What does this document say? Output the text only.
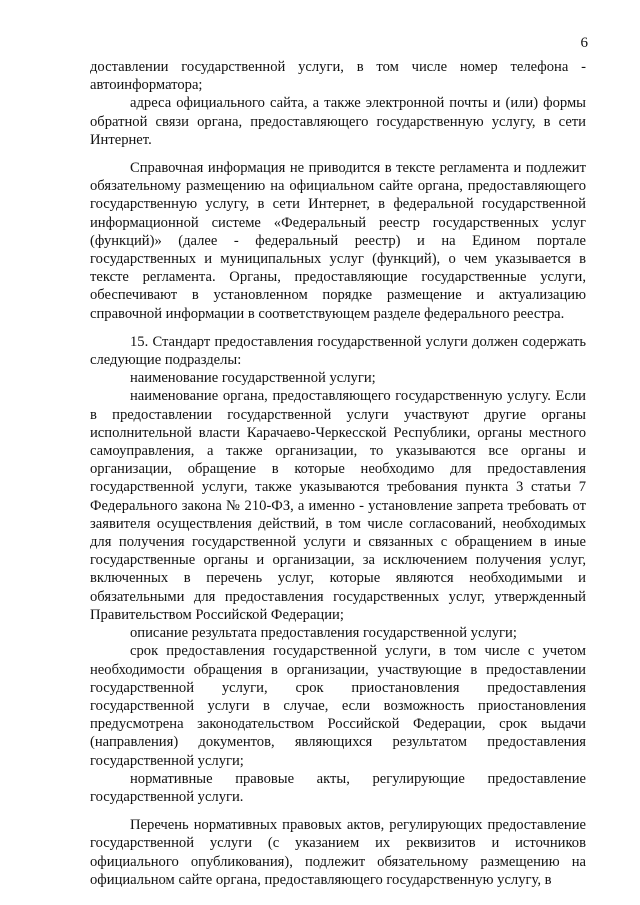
6

доставлении государственной услуги, в том числе номер телефона - автоинформатора;

адреса официального сайта, а также электронной почты и (или) формы обратной связи органа, предоставляющего государственную услугу, в сети Интернет.

Справочная информация не приводится в тексте регламента и подлежит обязательному размещению на официальном сайте органа, предоставляющего государственную услугу, в сети Интернет, в федеральной государственной информационной системе «Федеральный реестр государственных услуг (функций)» (далее - федеральный реестр) и на Едином портале государственных и муниципальных услуг (функций), о чем указывается в тексте регламента. Органы, предоставляющие государственные услуги, обеспечивают в установленном порядке размещение и актуализацию справочной информации в соответствующем разделе федерального реестра.

15. Стандарт предоставления государственной услуги должен содержать следующие подразделы:

наименование государственной услуги;

наименование органа, предоставляющего государственную услугу. Если в предоставлении государственной услуги участвуют другие органы исполнительной власти Карачаево-Черкесской Республики, органы местного самоуправления, а также организации, то указываются все органы и организации, обращение в которые необходимо для предоставления государственной услуги, также указываются требования пункта 3 статьи 7 Федерального закона № 210-ФЗ, а именно - установление запрета требовать от заявителя осуществления действий, в том числе согласований, необходимых для получения государственной услуги и связанных с обращением в иные государственные органы и организации, за исключением получения услуг, включенных в перечень услуг, которые являются необходимыми и обязательными для предоставления государственных услуг, утвержденный Правительством Российской Федерации;

описание результата предоставления государственной услуги;

срок предоставления государственной услуги, в том числе с учетом необходимости обращения в организации, участвующие в предоставлении государственной услуги, срок приостановления предоставления государственной услуги в случае, если возможность приостановления предусмотрена законодательством Российской Федерации, срок выдачи (направления) документов, являющихся результатом предоставления государственной услуги;

нормативные правовые акты, регулирующие предоставление государственной услуги.

Перечень нормативных правовых актов, регулирующих предоставление государственной услуги (с указанием их реквизитов и источников официального опубликования), подлежит обязательному размещению на официальном сайте органа, предоставляющего государственную услугу, в
